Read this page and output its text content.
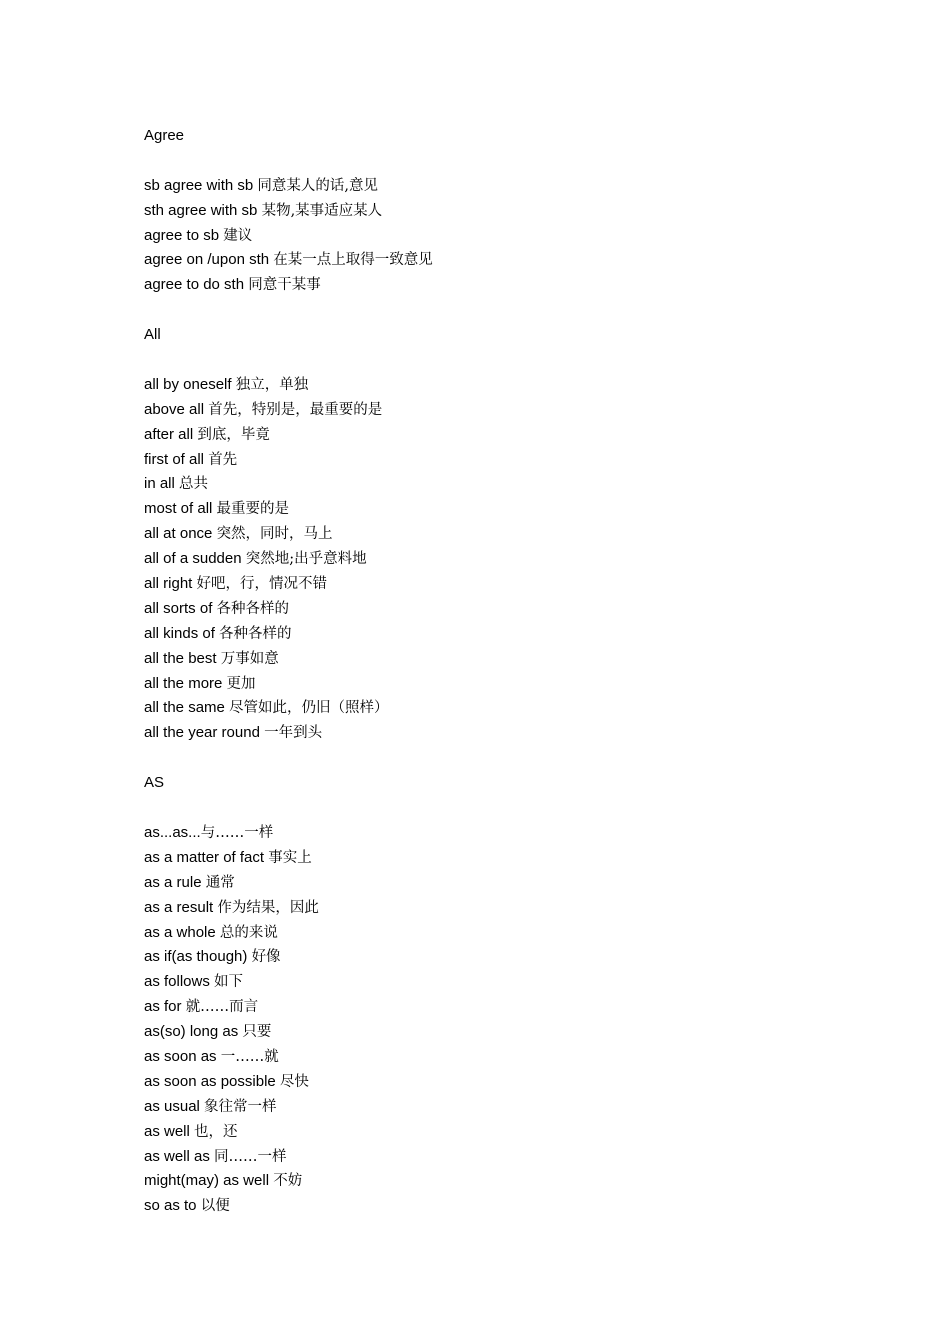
Agree
sb agree with sb 同意某人的话,意见
sth agree with sb 某物,某事适应某人
agree to sb 建议
agree on /upon sth 在某一点上取得一致意见
agree to do sth 同意干某事
All
all by oneself 独立，单独
above all 首先，特别是，最重要的是
after all 到底，毕竟
first of all 首先
in all 总共
most of all 最重要的是
all at once 突然，同时，马上
all of a sudden 突然地;出乎意料地
all right 好吧，行，情况不错
all sorts of 各种各样的
all kinds of 各种各样的
all the best 万事如意
all the more 更加
all the same 尽管如此，仍旧（照样）
all the year round 一年到头
AS
as...as...与……一样
as a matter of fact 事实上
as a rule 通常
as a result 作为结果，因此
as a whole 总的来说
as if(as though) 好像
as follows 如下
as for 就……而言
as(so) long as 只要
as soon as 一……就
as soon as possible 尽快
as usual 象往常一样
as well 也，还
as well as 同……一样
might(may) as well 不妨
so as to 以便
